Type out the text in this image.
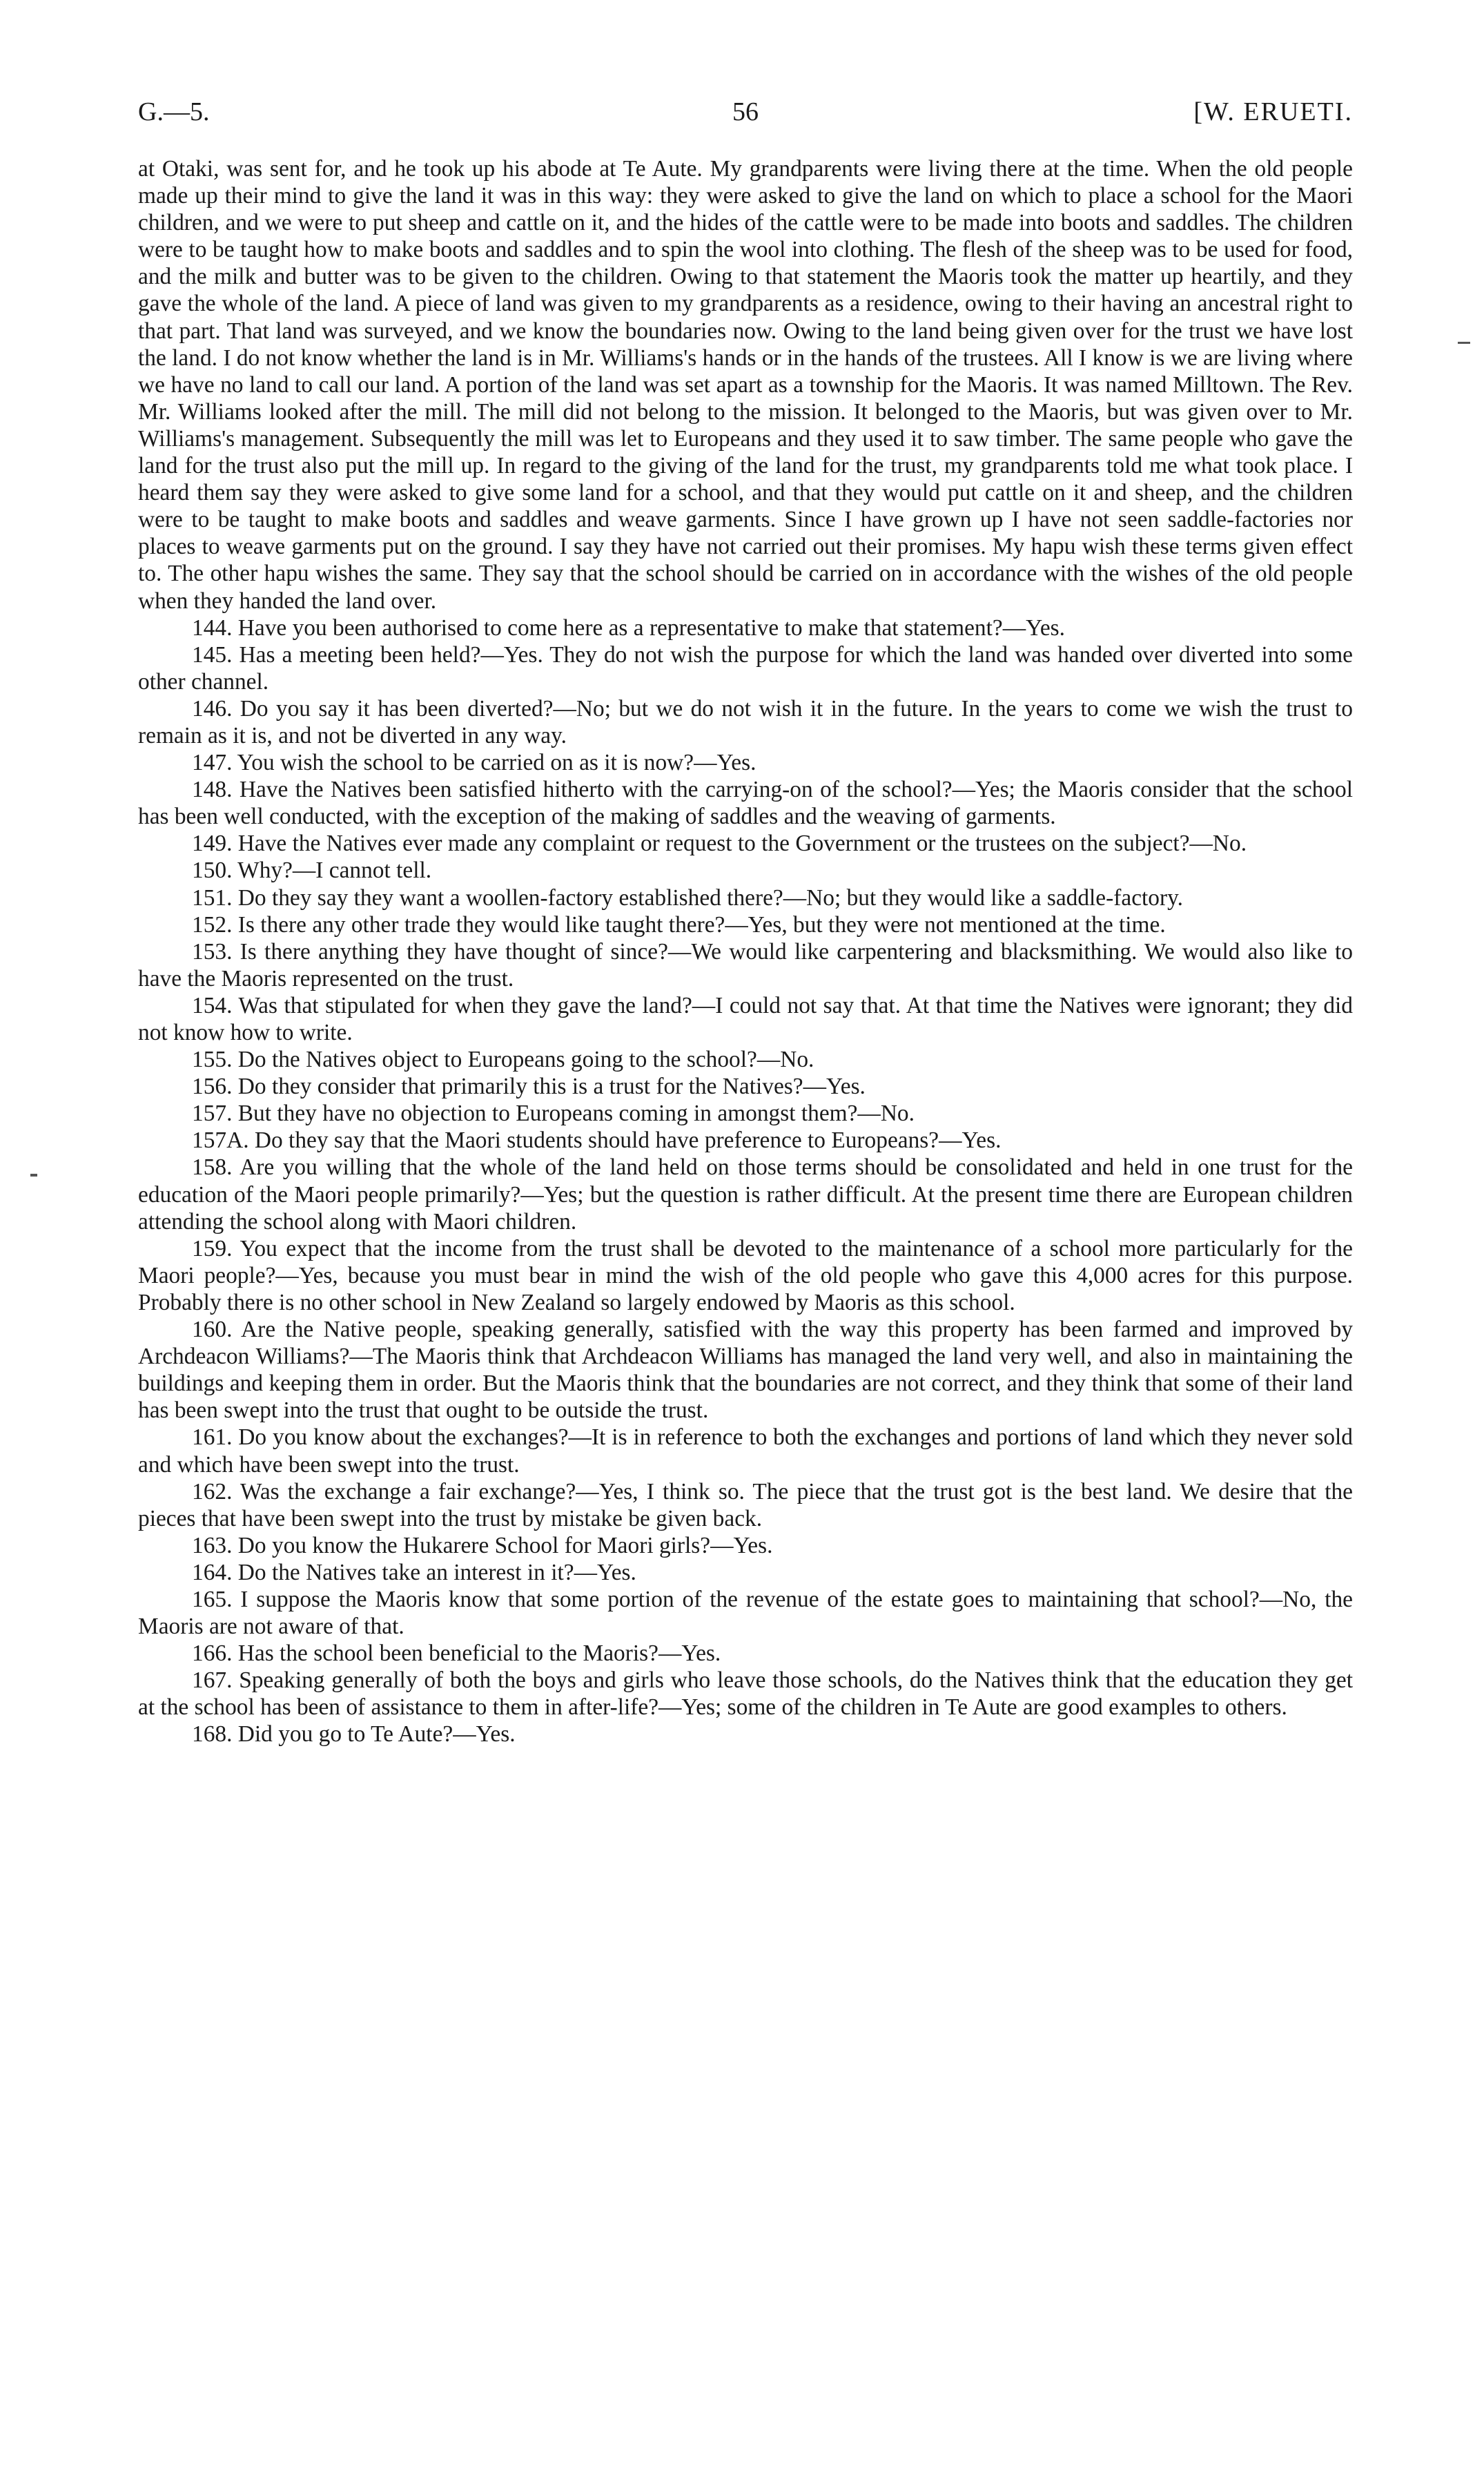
G.—5.	56	[W. ERUETI.

at Otaki, was sent for, and he took up his abode at Te Aute. My grandparents were living there at the time. When the old people made up their mind to give the land it was in this way: they were asked to give the land on which to place a school for the Maori children, and we were to put sheep and cattle on it, and the hides of the cattle were to be made into boots and saddles. The children were to be taught how to make boots and saddles and to spin the wool into clothing. The flesh of the sheep was to be used for food, and the milk and butter was to be given to the children. Owing to that statement the Maoris took the matter up heartily, and they gave the whole of the land. A piece of land was given to my grandparents as a residence, owing to their having an ancestral right to that part. That land was surveyed, and we know the boundaries now. Owing to the land being given over for the trust we have lost the land. I do not know whether the land is in Mr. Williams's hands or in the hands of the trustees. All I know is we are living where we have no land to call our land. A portion of the land was set apart as a township for the Maoris. It was named Milltown. The Rev. Mr. Williams looked after the mill. The mill did not belong to the mission. It belonged to the Maoris, but was given over to Mr. Williams's management. Subsequently the mill was let to Europeans and they used it to saw timber. The same people who gave the land for the trust also put the mill up. In regard to the giving of the land for the trust, my grandparents told me what took place. I heard them say they were asked to give some land for a school, and that they would put cattle on it and sheep, and the children were to be taught to make boots and saddles and weave garments. Since I have grown up I have not seen saddle-factories nor places to weave garments put on the ground. I say they have not carried out their promises. My hapu wish these terms given effect to. The other hapu wishes the same. They say that the school should be carried on in accordance with the wishes of the old people when they handed the land over.

144. Have you been authorised to come here as a representative to make that statement?—Yes.

145. Has a meeting been held?—Yes. They do not wish the purpose for which the land was handed over diverted into some other channel.

146. Do you say it has been diverted?—No; but we do not wish it in the future. In the years to come we wish the trust to remain as it is, and not be diverted in any way.

147. You wish the school to be carried on as it is now?—Yes.

148. Have the Natives been satisfied hitherto with the carrying-on of the school?—Yes; the Maoris consider that the school has been well conducted, with the exception of the making of saddles and the weaving of garments.

149. Have the Natives ever made any complaint or request to the Government or the trustees on the subject?—No.

150. Why?—I cannot tell.

151. Do they say they want a woollen-factory established there?—No; but they would like a saddle-factory.

152. Is there any other trade they would like taught there?—Yes, but they were not mentioned at the time.

153. Is there anything they have thought of since?—We would like carpentering and blacksmithing. We would also like to have the Maoris represented on the trust.

154. Was that stipulated for when they gave the land?—I could not say that. At that time the Natives were ignorant; they did not know how to write.

155. Do the Natives object to Europeans going to the school?—No.

156. Do they consider that primarily this is a trust for the Natives?—Yes.

157. But they have no objection to Europeans coming in amongst them?—No.

157A. Do they say that the Maori students should have preference to Europeans?—Yes.

158. Are you willing that the whole of the land held on those terms should be consolidated and held in one trust for the education of the Maori people primarily?—Yes; but the question is rather difficult. At the present time there are European children attending the school along with Maori children.

159. You expect that the income from the trust shall be devoted to the maintenance of a school more particularly for the Maori people?—Yes, because you must bear in mind the wish of the old people who gave this 4,000 acres for this purpose. Probably there is no other school in New Zealand so largely endowed by Maoris as this school.

160. Are the Native people, speaking generally, satisfied with the way this property has been farmed and improved by Archdeacon Williams?—The Maoris think that Archdeacon Williams has managed the land very well, and also in maintaining the buildings and keeping them in order. But the Maoris think that the boundaries are not correct, and they think that some of their land has been swept into the trust that ought to be outside the trust.

161. Do you know about the exchanges?—It is in reference to both the exchanges and portions of land which they never sold and which have been swept into the trust.

162. Was the exchange a fair exchange?—Yes, I think so. The piece that the trust got is the best land. We desire that the pieces that have been swept into the trust by mistake be given back.

163. Do you know the Hukarere School for Maori girls?—Yes.

164. Do the Natives take an interest in it?—Yes.

165. I suppose the Maoris know that some portion of the revenue of the estate goes to maintaining that school?—No, the Maoris are not aware of that.

166. Has the school been beneficial to the Maoris?—Yes.

167. Speaking generally of both the boys and girls who leave those schools, do the Natives think that the education they get at the school has been of assistance to them in after-life?—Yes; some of the children in Te Aute are good examples to others.

168. Did you go to Te Aute?—Yes.
